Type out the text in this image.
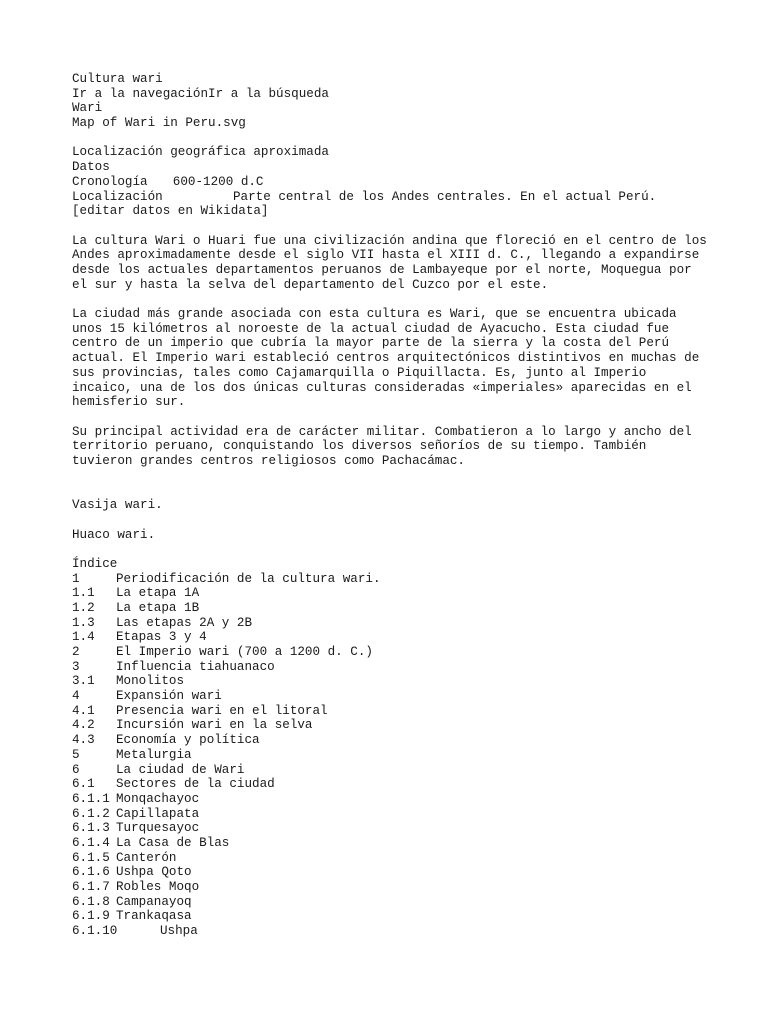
Cultura wari
Ir a la navegaciónIr a la búsqueda
Wari
Map of Wari in Peru.svg
Localización geográfica aproximada
Datos
Cronología	600-1200 d.C
Localización	Parte central de los Andes centrales. En el actual Perú.
[editar datos en Wikidata]
La cultura Wari o Huari fue una civilización andina que floreció en el centro de los Andes aproximadamente desde el siglo VII hasta el XIII d. C., llegando a expandirse desde los actuales departamentos peruanos de Lambayeque por el norte, Moquegua por el sur y hasta la selva del departamento del Cuzco por el este.
La ciudad más grande asociada con esta cultura es Wari, que se encuentra ubicada unos 15 kilómetros al noroeste de la actual ciudad de Ayacucho. Esta ciudad fue centro de un imperio que cubría la mayor parte de la sierra y la costa del Perú actual. El Imperio wari estableció centros arquitectónicos distintivos en muchas de sus provincias, tales como Cajamarquilla o Piquillacta. Es, junto al Imperio incaico, una de los dos únicas culturas consideradas «imperiales» aparecidas en el hemisferio sur.
Su principal actividad era de carácter militar. Combatieron a lo largo y ancho del territorio peruano, conquistando los diversos señoríos de su tiempo. También tuvieron grandes centros religiosos como Pachacámac.
Vasija wari.
Huaco wari.
Índice
1	Periodificación de la cultura wari.
1.1	La etapa 1A
1.2	La etapa 1B
1.3	Las etapas 2A y 2B
1.4	Etapas 3 y 4
2	El Imperio wari (700 a 1200 d. C.)
3	Influencia tiahuanaco
3.1	Monolitos
4	Expansión wari
4.1	Presencia wari en el litoral
4.2	Incursión wari en la selva
4.3	Economía y política
5	Metalurgia
6	La ciudad de Wari
6.1	Sectores de la ciudad
6.1.1 Monqachayoc
6.1.2 Capillapata
6.1.3 Turquesayoc
6.1.4 La Casa de Blas
6.1.5 Canterón
6.1.6 Ushpa Qoto
6.1.7 Robles Moqo
6.1.8 Campanayoq
6.1.9 Trankaqasa
6.1.10	Ushpa
